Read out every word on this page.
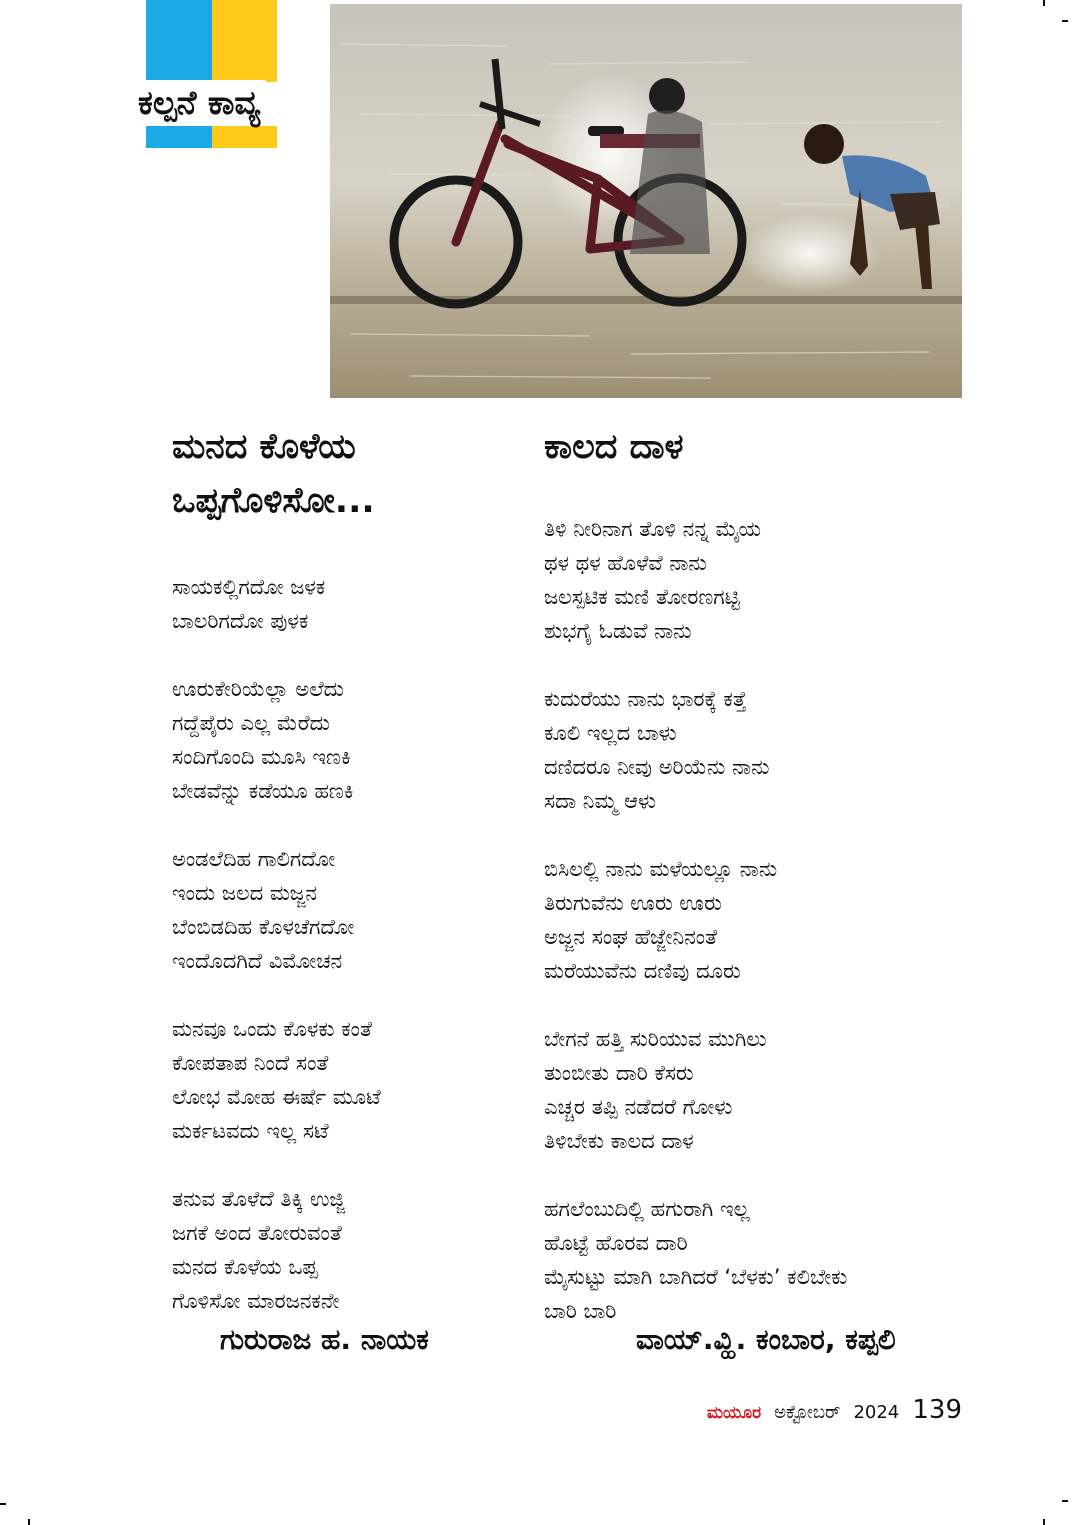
ಕಲ್ಪನೆ ಕಾವ್ಯ
ಮನದ ಕೊಳೆಯ
ಒಪ್ಪಗೊಳಿಸೋ...
ಸಾಯಕಲ್ಲಿಗದೋ ಜಳಕ
ಬಾಲರಿಗದೋ ಪುಳಕ
ಊರುಕೇರಿಯೆಲ್ಲಾ ಅಲೆದು
ಗದ್ದೆಪೈರು ಎಲ್ಲ ಮೆರೆದು
ಸಂದಿಗೊಂದಿ ಮೂಸಿ ಇಣಕಿ
ಬೇಡವೆನ್ನು ಕಡೆಯೂ ಹಣಕಿ
ಅಂಡಲೆದಿಹ ಗಾಲಿಗದೋ
ಇಂದು ಜಲದ ಮಜ್ಜನ
ಬೆಂಬಿಡದಿಹ ಕೊಳಚೆಗದೋ
ಇಂದೊದಗಿದೆ ವಿಮೋಚನ
ಮನವೂ ಒಂದು ಕೊಳಕು ಕಂತೆ
ಕೋಪತಾಪ ನಿಂದೆ ಸಂತೆ
ಲೋಭ ಮೋಹ ಈರ್ಷೆ ಮೂಟೆ
ಮರ್ಕಟವದು ಇಲ್ಲ ಸಟೆ
ತನುವ ತೊಳೆದೆ ತಿಕ್ಕಿ ಉಜ್ಜಿ
ಜಗಕೆ ಅಂದ ತೋರುವಂತೆ
ಮನದ ಕೊಳೆಯ ಒಪ್ಪ
ಗೊಳಿಸೋ ಮಾರಜನಕನೇ
ಕಾಲದ ದಾಳ
ತಿಳಿ ನೀರಿನಾಗ ತೊಳಿ ನನ್ನ ಮೈಯ
ಥಳ ಥಳ ಹೊಳೆವೆ ನಾನು
ಜಲಸ್ಪಟಿಕ ಮಣಿ ತೋರಣಗಟ್ಟಿ
ಶುಭಗೈ ಓಡುವೆ ನಾನು
ಕುದುರೆಯು ನಾನು ಭಾರಕ್ಕೆ ಕತ್ತೆ
ಕೂಲಿ ಇಲ್ಲದ ಬಾಳು
ದಣಿದರೂ ನೀವು ಅರಿಯೆನು ನಾನು
ಸದಾ ನಿಮ್ಮ ಆಳು
ಬಿಸಿಲಲ್ಲಿ ನಾನು ಮಳೆಯಲ್ಲೂ ನಾನು
ತಿರುಗುವೆನು ಊರು ಊರು
ಅಜ್ಜನ ಸಂಘ ಹೆಜ್ಜೇನಿನಂತೆ
ಮರೆಯುವೆನು ದಣಿವು ದೂರು
ಬೇಗನೆ ಹತ್ತಿ ಸುರಿಯುವ ಮುಗಿಲು
ತುಂಬೀತು ದಾರಿ ಕೆಸರು
ಎಚ್ಚರ ತಪ್ಪಿ ನಡೆದರೆ ಗೋಳು
ತಿಳಿಬೇಕು ಕಾಲದ ದಾಳ
ಹಗಲೆಂಬುದಿಲ್ಲಿ ಹಗುರಾಗಿ ಇಲ್ಲ
ಹೊಟ್ಟೆ ಹೊರವ ದಾರಿ
ಮೈಸುಟ್ಟು ಮಾಗಿ ಬಾಗಿದರೆ ‘ಬೆಳಕು’ ಕಲಿಬೇಕು
ಬಾರಿ ಬಾರಿ
ಗುರುರಾಜ ಹ. ನಾಯಕ	ವಾಯ್.ವ್ಹಿ. ಕಂಬಾರ, ಕಪ್ಪಲಿ
ಮಯೂರ ಅಕ್ಟೋಬರ್ 2024 139
